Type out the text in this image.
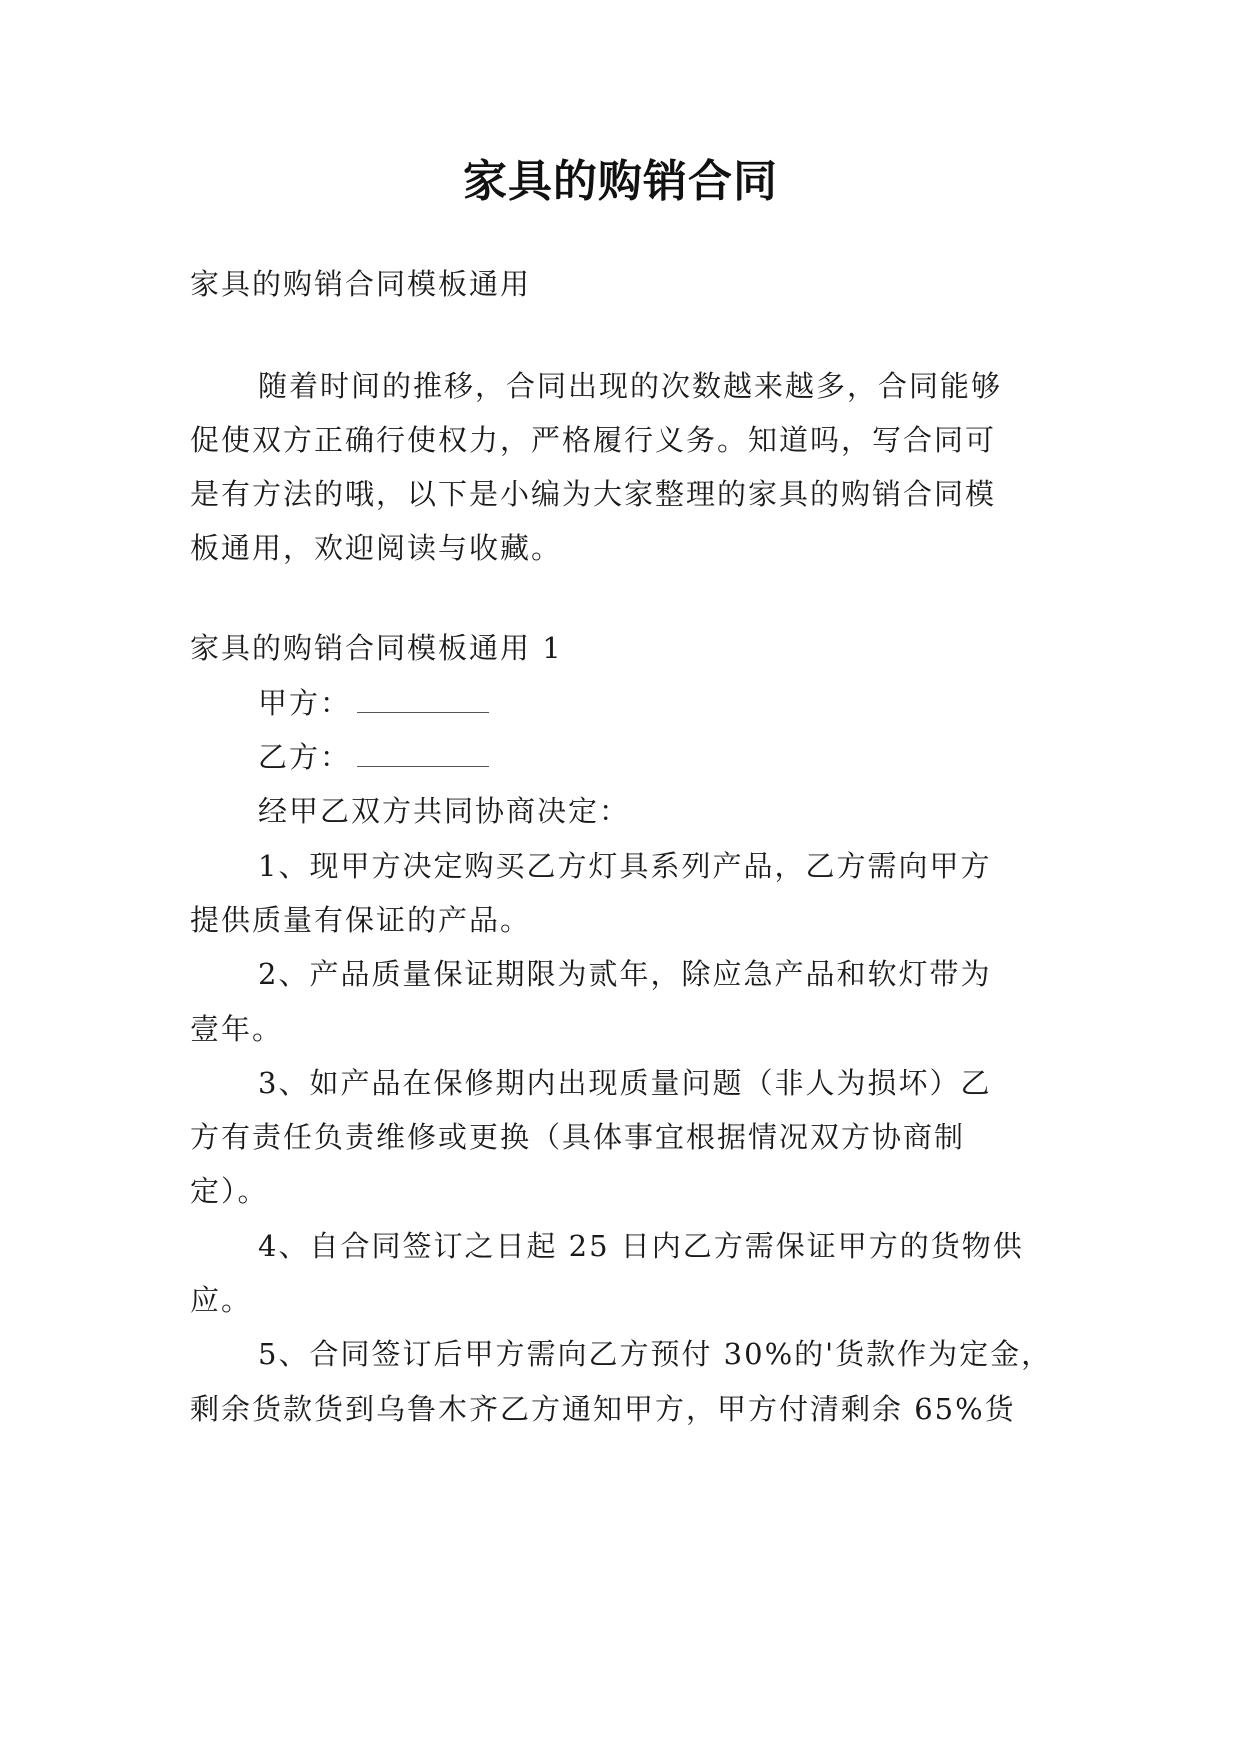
家具的购销合同
家具的购销合同模板通用
随着时间的推移，合同出现的次数越来越多，合同能够
促使双方正确行使权力，严格履行义务。知道吗，写合同可
是有方法的哦，以下是小编为大家整理的家具的购销合同模
板通用，欢迎阅读与收藏。
家具的购销合同模板通用 1
甲方：
乙方：
经甲乙双方共同协商决定：
1、现甲方决定购买乙方灯具系列产品，乙方需向甲方
提供质量有保证的产品。
2、产品质量保证期限为贰年，除应急产品和软灯带为
壹年。
3、如产品在保修期内出现质量问题（非人为损坏）乙
方有责任负责维修或更换（具体事宜根据情况双方协商制
定）。
4、自合同签订之日起 25 日内乙方需保证甲方的货物供
应。
5、合同签订后甲方需向乙方预付 30%的'货款作为定金，
剩余货款货到乌鲁木齐乙方通知甲方，甲方付清剩余 65%货
